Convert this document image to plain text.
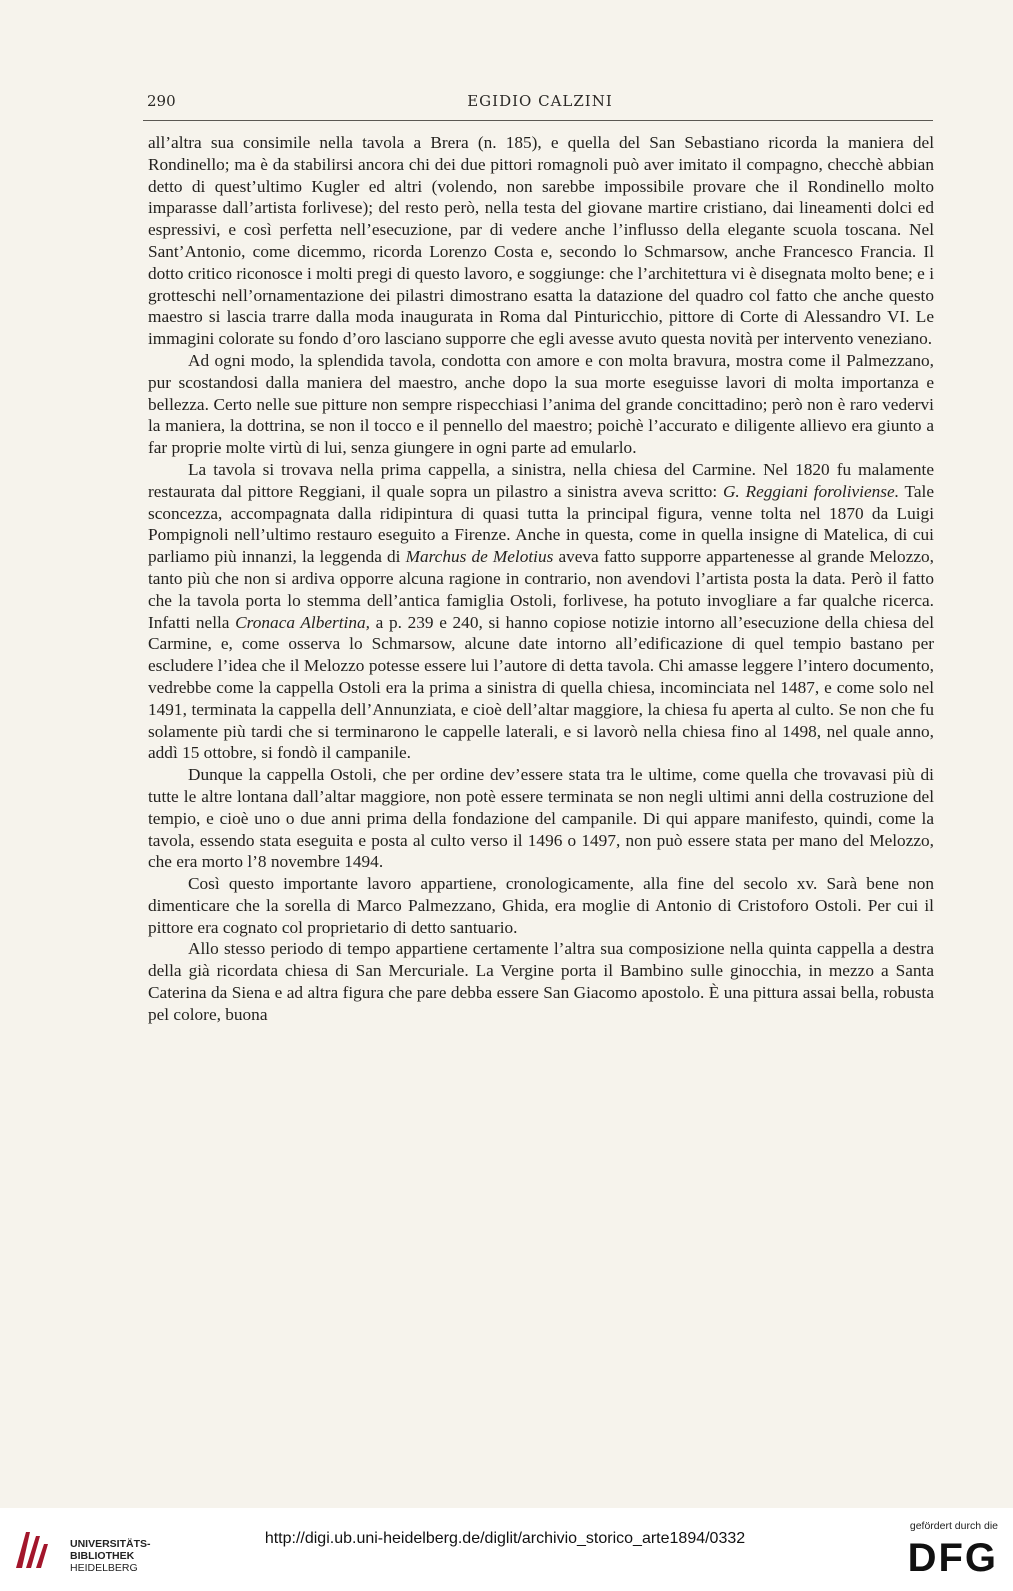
290	EGIDIO CALZINI

all’altra sua consimile nella tavola a Brera (n. 185), e quella del San Sebastiano ricorda la maniera del Rondinello; ma è da stabilirsi ancora chi dei due pittori romagnoli può aver imitato il compagno, checchè abbian detto di quest’ultimo Kugler ed altri (volendo, non sarebbe impossibile provare che il Rondinello molto imparasse dall’artista forlivese); del resto però, nella testa del giovane martire cristiano, dai lineamenti dolci ed espressivi, e così perfetta nell’esecuzione, par di vedere anche l’influsso della elegante scuola toscana. Nel Sant’Antonio, come dicemmo, ricorda Lorenzo Costa e, secondo lo Schmarsow, anche Francesco Francia. Il dotto critico riconosce i molti pregi di questo lavoro, e soggiunge: che l’architettura vi è disegnata molto bene; e i grotteschi nell’ornamentazione dei pilastri dimostrano esatta la datazione del quadro col fatto che anche questo maestro si lascia trarre dalla moda inaugurata in Roma dal Pinturicchio, pittore di Corte di Alessandro VI. Le immagini colorate su fondo d’oro lasciano supporre che egli avesse avuto questa novità per intervento veneziano.

Ad ogni modo, la splendida tavola, condotta con amore e con molta bravura, mostra come il Palmezzano, pur scostandosi dalla maniera del maestro, anche dopo la sua morte eseguisse lavori di molta importanza e bellezza. Certo nelle sue pitture non sempre rispecchiasi l’anima del grande concittadino; però non è raro vedervi la maniera, la dottrina, se non il tocco e il pennello del maestro; poichè l’accurato e diligente allievo era giunto a far proprie molte virtù di lui, senza giungere in ogni parte ad emularlo.

La tavola si trovava nella prima cappella, a sinistra, nella chiesa del Carmine. Nel 1820 fu malamente restaurata dal pittore Reggiani, il quale sopra un pilastro a sinistra aveva scritto: G. Reggiani foroliviense. Tale sconcezza, accompagnata dalla ridipintura di quasi tutta la principal figura, venne tolta nel 1870 da Luigi Pompignoli nell’ultimo restauro eseguito a Firenze. Anche in questa, come in quella insigne di Matelica, di cui parliamo più innanzi, la leggenda di Marchus de Melotius aveva fatto supporre appartenesse al grande Melozzo, tanto più che non si ardiva opporre alcuna ragione in contrario, non avendovi l’artista posta la data. Però il fatto che la tavola porta lo stemma dell’antica famiglia Ostoli, forlivese, ha potuto invogliare a far qualche ricerca. Infatti nella Cronaca Albertina, a p. 239 e 240, si hanno copiose notizie intorno all’esecuzione della chiesa del Carmine, e, come osserva lo Schmarsow, alcune date intorno all’edificazione di quel tempio bastano per escludere l’idea che il Melozzo potesse essere lui l’autore di detta tavola. Chi amasse leggere l’intero documento, vedrebbe come la cappella Ostoli era la prima a sinistra di quella chiesa, incominciata nel 1487, e come solo nel 1491, terminata la cappella dell’Annunziata, e cioè dell’altar maggiore, la chiesa fu aperta al culto. Se non che fu solamente più tardi che si terminarono le cappelle laterali, e si lavorò nella chiesa fino al 1498, nel quale anno, addì 15 ottobre, si fondò il campanile.

Dunque la cappella Ostoli, che per ordine dev’essere stata tra le ultime, come quella che trovavasi più di tutte le altre lontana dall’altar maggiore, non potè essere terminata se non negli ultimi anni della costruzione del tempio, e cioè uno o due anni prima della fondazione del campanile. Di qui appare manifesto, quindi, come la tavola, essendo stata eseguita e posta al culto verso il 1496 o 1497, non può essere stata per mano del Melozzo, che era morto l’8 novembre 1494.

Così questo importante lavoro appartiene, cronologicamente, alla fine del secolo xv. Sarà bene non dimenticare che la sorella di Marco Palmezzano, Ghida, era moglie di Antonio di Cristoforo Ostoli. Per cui il pittore era cognato col proprietario di detto santuario.

Allo stesso periodo di tempo appartiene certamente l’altra sua composizione nella quinta cappella a destra della già ricordata chiesa di San Mercuriale. La Vergine porta il Bambino sulle ginocchia, in mezzo a Santa Caterina da Siena e ad altra figura che pare debba essere San Giacomo apostolo. È una pittura assai bella, robusta pel colore, buona

UNIVERSITÄTS-
BIBLIOTHEK
HEIDELBERG
http://digi.ub.uni-heidelberg.de/diglit/archivio_storico_arte1894/0332
gefördert durch die
DFG
